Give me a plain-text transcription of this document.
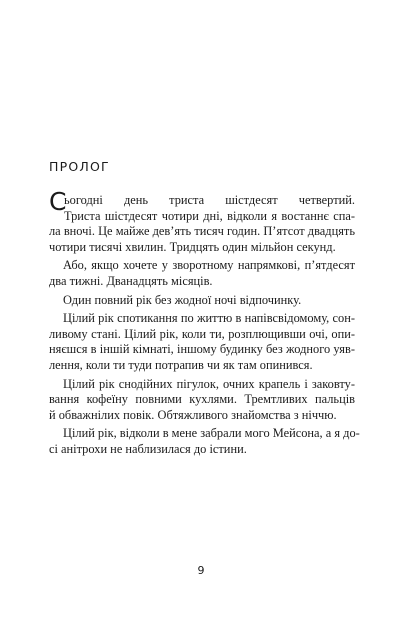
ПРОЛОГ
С
ьогодні день триста шістдесят четвертий.
Триста шістдесят чотири дні, відколи я востаннє спа-
ла вночі. Це майже дев’ять тисяч годин. П’ятсот двадцять
чотири тисячі хвилин. Тридцять один мільйон секунд.
Або, якщо хочете у зворотному напрямкові, п’ятдесят
два тижні. Дванадцять місяців.
Один повний рік без жодної ночі відпочинку.
Цілий рік спотикання по життю в напівсвідомому, сон-
ливому стані. Цілий рік, коли ти, розплющивши очі, опи-
няєшся в іншій кімнаті, іншому будинку без жодного уяв-
лення, коли ти туди потрапив чи як там опинився.
Цілий рік снодійних пігулок, очних крапель і заковту-
вання кофеїну повними кухлями. Тремтливих пальців
й обважнілих повік. Обтяжливого знайомства з ніччю.
Цілий рік, відколи в мене забрали мого Мейсона, а я до-
сі анітрохи не наблизилася до істини.
9
